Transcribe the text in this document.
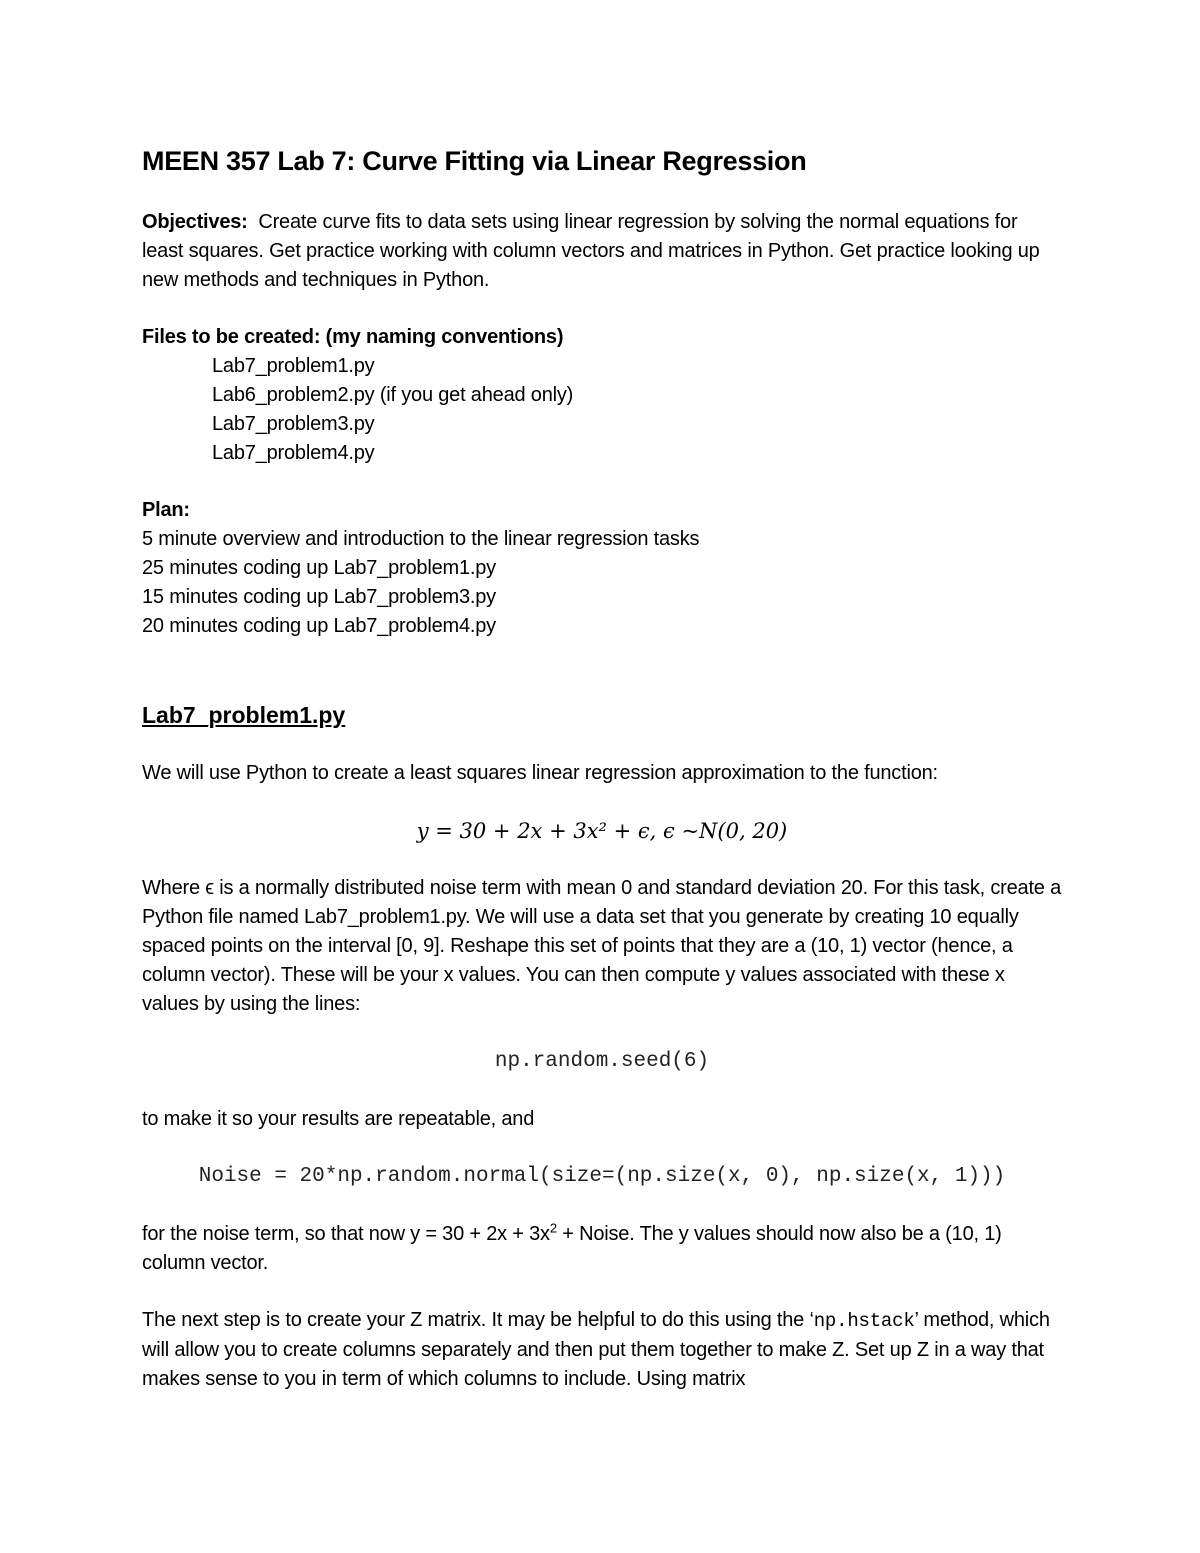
MEEN 357 Lab 7: Curve Fitting via Linear Regression

Objectives: Create curve fits to data sets using linear regression by solving the normal equations for least squares. Get practice working with column vectors and matrices in Python. Get practice looking up new methods and techniques in Python.

Files to be created: (my naming conventions)

Lab7_problem1.py

Lab6_problem2.py (if you get ahead only)

Lab7_problem3.py

Lab7_problem4.py

Plan:

5 minute overview and introduction to the linear regression tasks

25 minutes coding up Lab7_problem1.py

15 minutes coding up Lab7_problem3.py

20 minutes coding up Lab7_problem4.py

Lab7_problem1.py

We will use Python to create a least squares linear regression approximation to the function:

y = 30 + 2x + 3x² + ϵ, ϵ ~N(0, 20)

Where ϵ is a normally distributed noise term with mean 0 and standard deviation 20. For this task, create a Python file named Lab7_problem1.py. We will use a data set that you generate by creating 10 equally spaced points on the interval [0, 9]. Reshape this set of points that they are a (10, 1) vector (hence, a column vector). These will be your x values. You can then compute y values associated with these x values by using the lines:

np.random.seed(6)

to make it so your results are repeatable, and

Noise = 20*np.random.normal(size=(np.size(x, 0), np.size(x, 1)))

for the noise term, so that now $y = 30 + 2x + 3x^2$ + Noise. The y values should now also be a (10, 1) column vector.

The next step is to create your Z matrix. It may be helpful to do this using the ‘np.hstack’ method, which will allow you to create columns separately and then put them together to make Z. Set up Z in a way that makes sense to you in term of which columns to include. Using matrix
